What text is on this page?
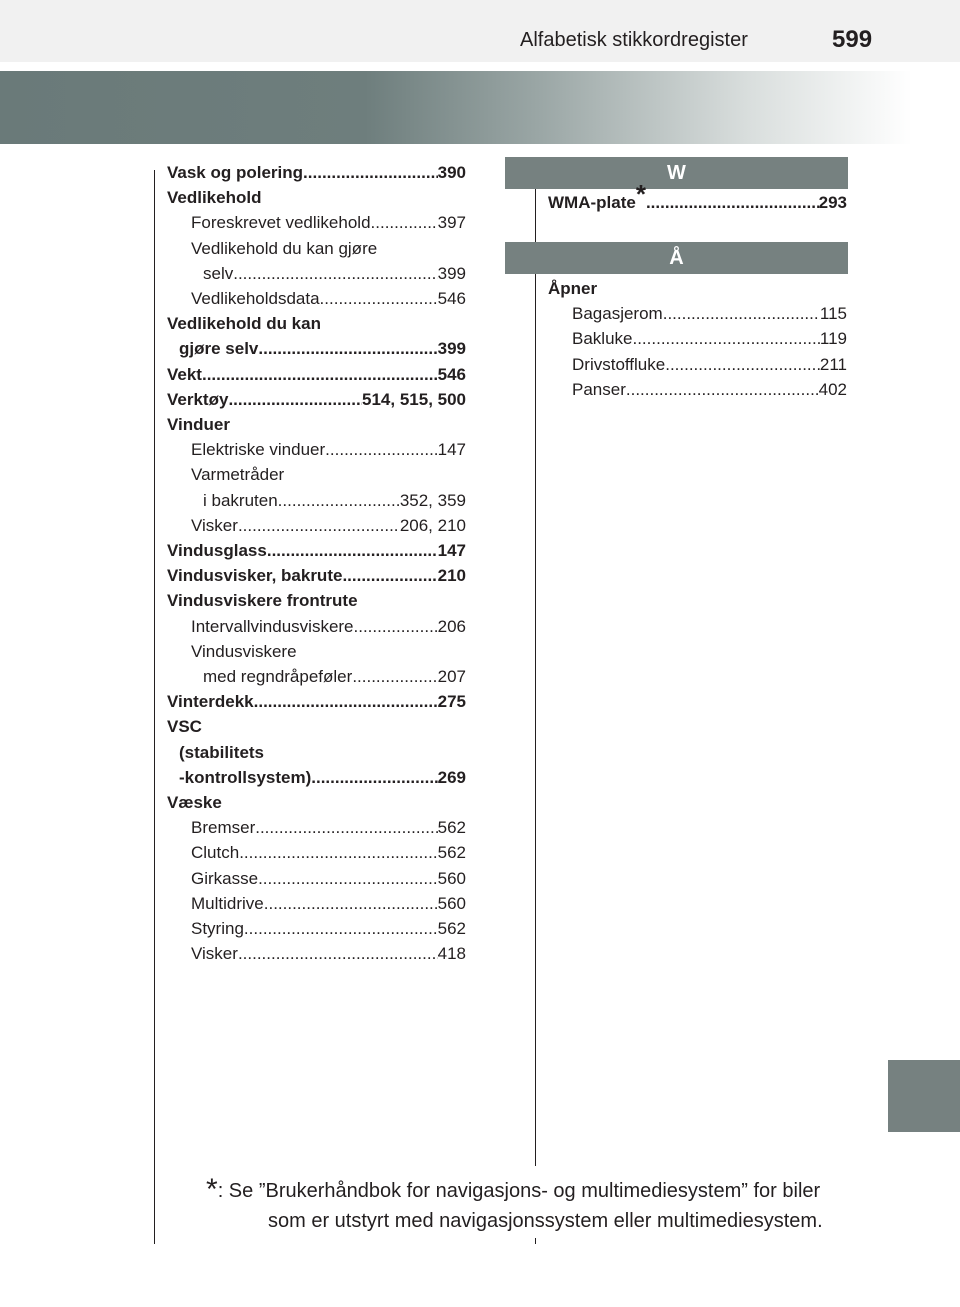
Alfabetisk stikkordregister	599
Vask og polering .....	390
Vedlikehold
Foreskrevet vedlikehold .....	397
Vedlikehold du kan gjøre
selv .....	399
Vedlikeholdsdata .....	546
Vedlikehold du kan
gjøre selv .....	399
Vekt .....	546
Verktøy .....	514, 515, 500
Vinduer
Elektriske vinduer .....	147
Varmetråder
i bakruten .....	352, 359
Visker .....	206, 210
Vindusglass .....	147
Vindusvisker, bakrute .....	210
Vindusviskere frontrute
Intervallvindusviskere .....	206
Vindusviskere
med regndråpeføler .....	207
Vinterdekk .....	275
VSC
(stabilitets
-kontrollsystem) .....	269
Væske
Bremser .....	562
Clutch .....	562
Girkasse .....	560
Multidrive .....	560
Styring .....	562
Visker .....	418
W
WMA-plate* .....	293
Å
Åpner
Bagasjerom .....	115
Bakluke .....	119
Drivstoffluke .....	211
Panser .....	402
*: Se ”Brukerhåndbok for navigasjons- og multimediesystem” for biler
som er utstyrt med navigasjonssystem eller multimediesystem.
